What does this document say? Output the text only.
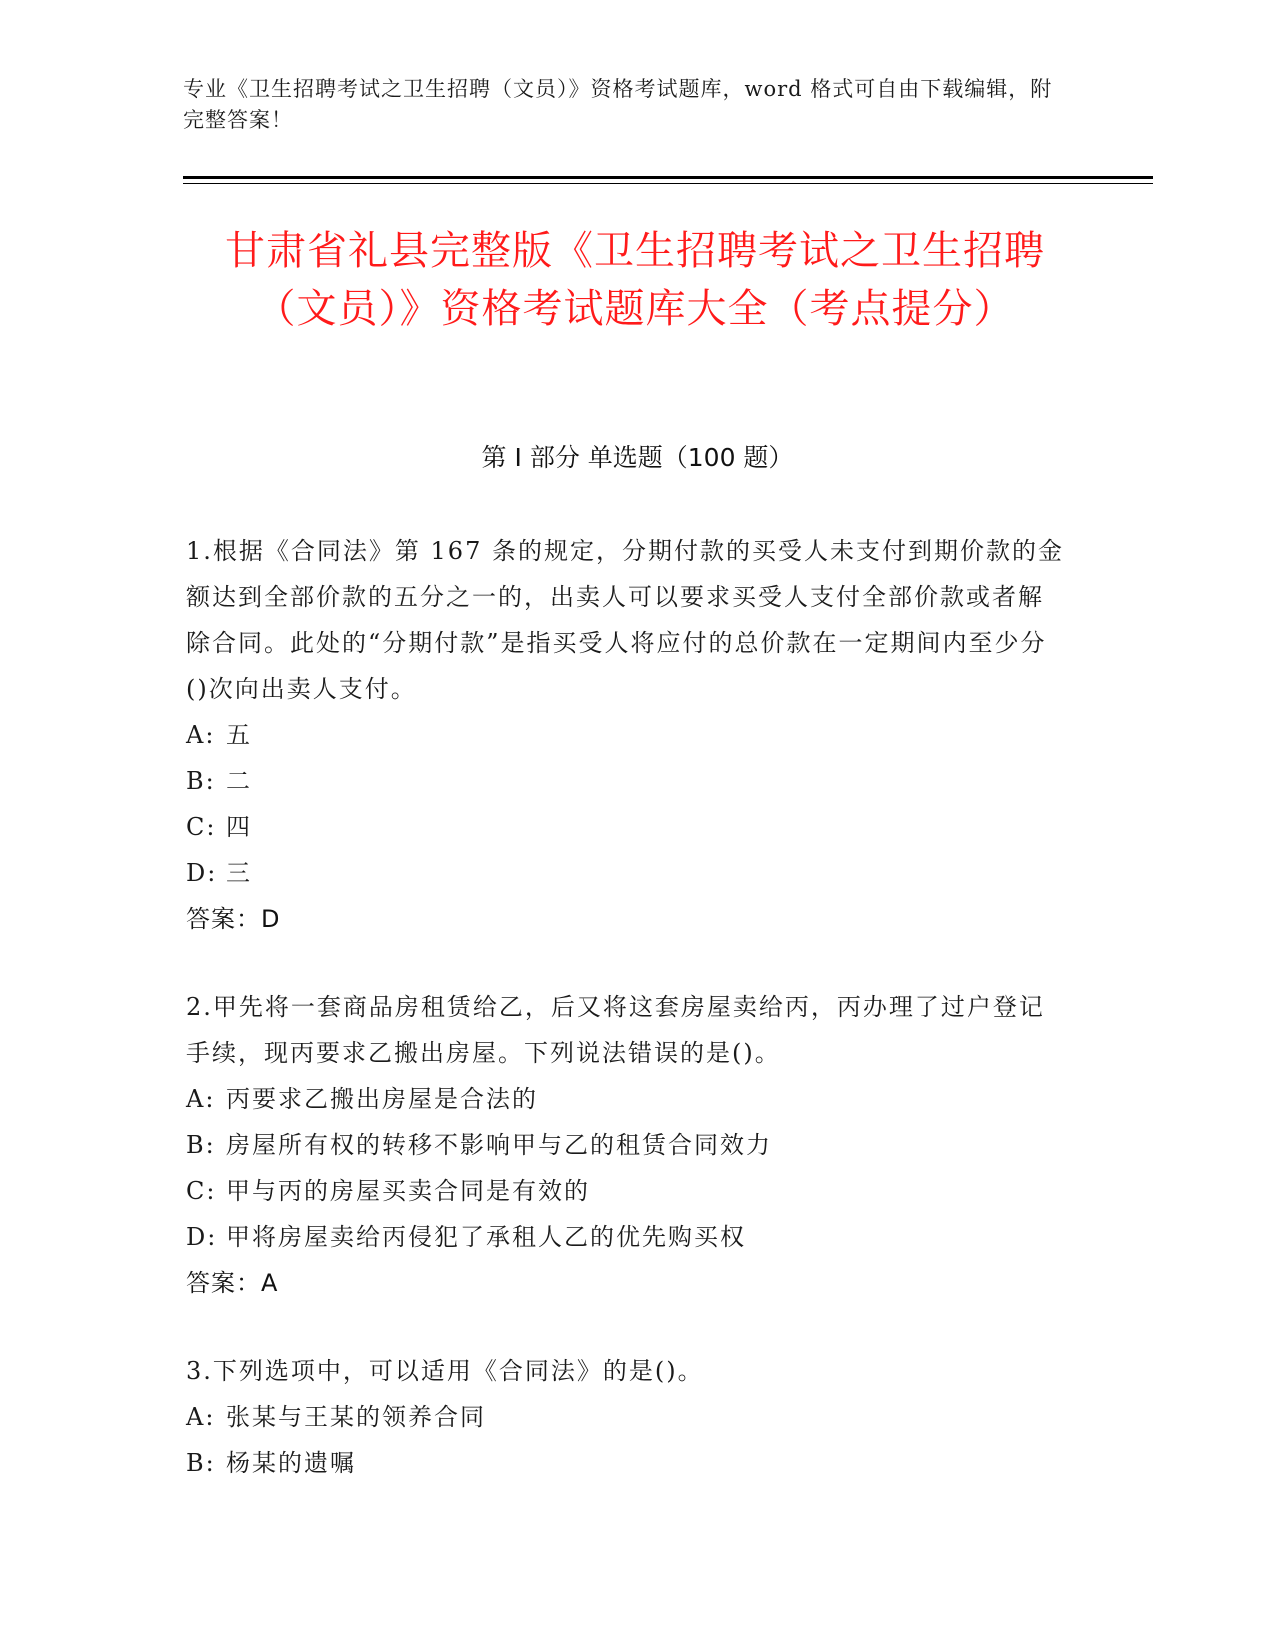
专业《卫生招聘考试之卫生招聘（文员）》资格考试题库，word 格式可自由下载编辑，附完整答案！
甘肃省礼县完整版《卫生招聘考试之卫生招聘（文员）》资格考试题库大全（考点提分）
第 I 部分 单选题（100 题）
1.根据《合同法》第 167 条的规定，分期付款的买受人未支付到期价款的金额达到全部价款的五分之一的，出卖人可以要求买受人支付全部价款或者解除合同。此处的“分期付款”是指买受人将应付的总价款在一定期间内至少分()次向出卖人支付。
A: 五
B: 二
C: 四
D: 三
答案：D
2.甲先将一套商品房租赁给乙，后又将这套房屋卖给丙，丙办理了过户登记手续，现丙要求乙搬出房屋。下列说法错误的是()。
A: 丙要求乙搬出房屋是合法的
B: 房屋所有权的转移不影响甲与乙的租赁合同效力
C: 甲与丙的房屋买卖合同是有效的
D: 甲将房屋卖给丙侵犯了承租人乙的优先购买权
答案：A
3.下列选项中，可以适用《合同法》的是()。
A: 张某与王某的领养合同
B: 杨某的遗嘱
